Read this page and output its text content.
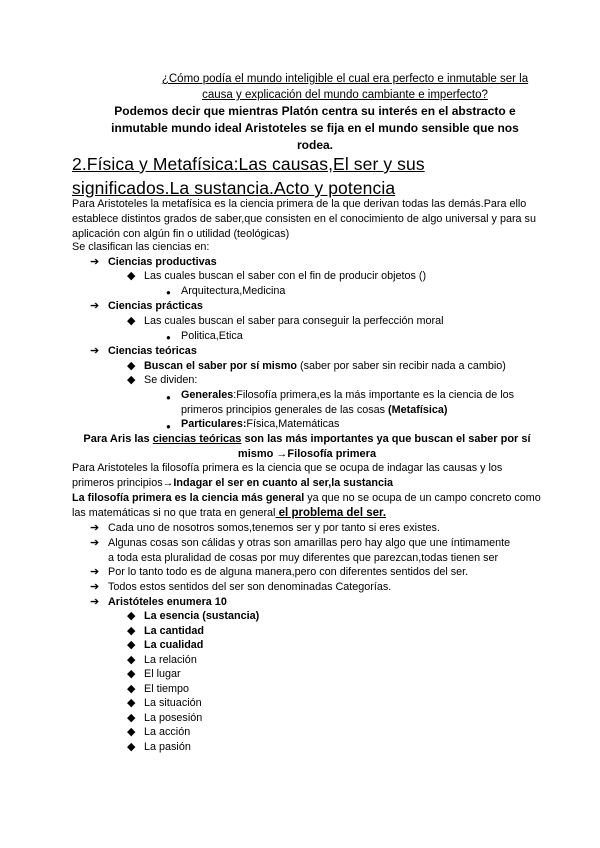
¿Cómo podía el mundo inteligible el cual era perfecto e inmutable ser la causa y explicación del mundo cambiante e imperfecto?
Podemos decir que mientras Platón centra su interés en el abstracto e inmutable mundo ideal Aristoteles se fija en el mundo sensible que nos rodea.
2.Física y Metafísica:Las causas,El ser y sus significados.La sustancia.Acto y potencia
Para Aristoteles la metafísica es la ciencia primera de la que derivan todas las demás.Para ello establece distintos grados de saber,que consisten en el conocimiento de algo universal y para su aplicación con algún fin o utilidad (teológicas)
Se clasifican las ciencias en:
➔ Ciencias productivas
◆ Las cuales buscan el saber con el fin de producir objetos ()
● Arquitectura,Medicina
➔ Ciencias prácticas
◆ Las cuales buscan el saber para conseguir la perfección moral
● Politica,Etica
➔ Ciencias teóricas
◆ Buscan el saber por sí mismo (saber por saber sin recibir nada a cambio)
◆ Se dividen:
● Generales:Filosofía primera,es la más importante es la ciencia de los primeros principios generales de las cosas (Metafísica)
● Particulares:Física,Matemáticas
Para Aris las ciencias teóricas son las más importantes ya que buscan el saber por sí mismo →Filosofía primera
Para Aristoteles la filosofía primera es la ciencia que se ocupa de indagar las causas y los primeros principios→Indagar el ser en cuanto al ser,la sustancia
La filosofía primera es la ciencia más general ya que no se ocupa de un campo concreto como las matemáticas si no que trata en general el problema del ser.
➔ Cada uno de nosotros somos,tenemos ser y por tanto si eres existes.
➔ Algunas cosas son cálidas y otras son amarillas pero hay algo que une íntimamente a toda esta pluralidad de cosas por muy diferentes que parezcan,todas tienen ser
➔ Por lo tanto todo es de alguna manera,pero con diferentes sentidos del ser.
➔ Todos estos sentidos del ser son denominadas Categorías.
➔ Aristóteles enumera 10
◆ La esencia (sustancia)
◆ La cantidad
◆ La cualidad
◆ La relación
◆ El lugar
◆ El tiempo
◆ La situación
◆ La posesión
◆ La acción
◆ La pasión
